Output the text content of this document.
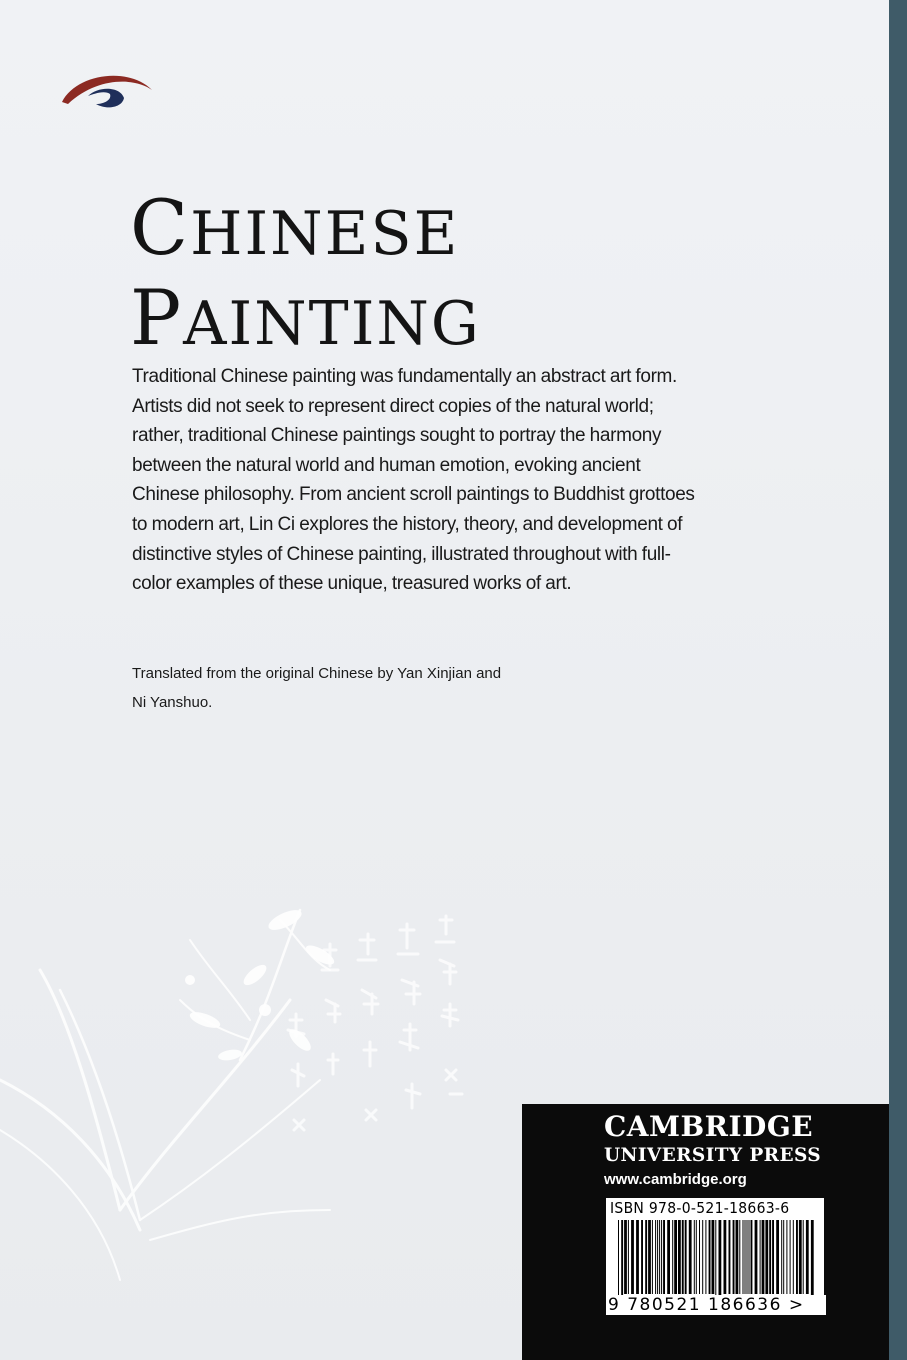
CHINESE
PAINTING

Traditional Chinese painting was fundamentally an abstract art form. Artists did not seek to represent direct copies of the natural world; rather, traditional Chinese paintings sought to portray the harmony between the natural world and human emotion, evoking ancient Chinese philosophy. From ancient scroll paintings to Buddhist grottoes to modern art, Lin Ci explores the history, theory, and development of distinctive styles of Chinese painting, illustrated throughout with full-color examples of these unique, treasured works of art.

Translated from the original Chinese by Yan Xinjian and Ni Yanshuo.

CAMBRIDGE

UNIVERSITY PRESS

www.cambridge.org

ISBN 978-0-521-18663-6

9 780521 186636 >
